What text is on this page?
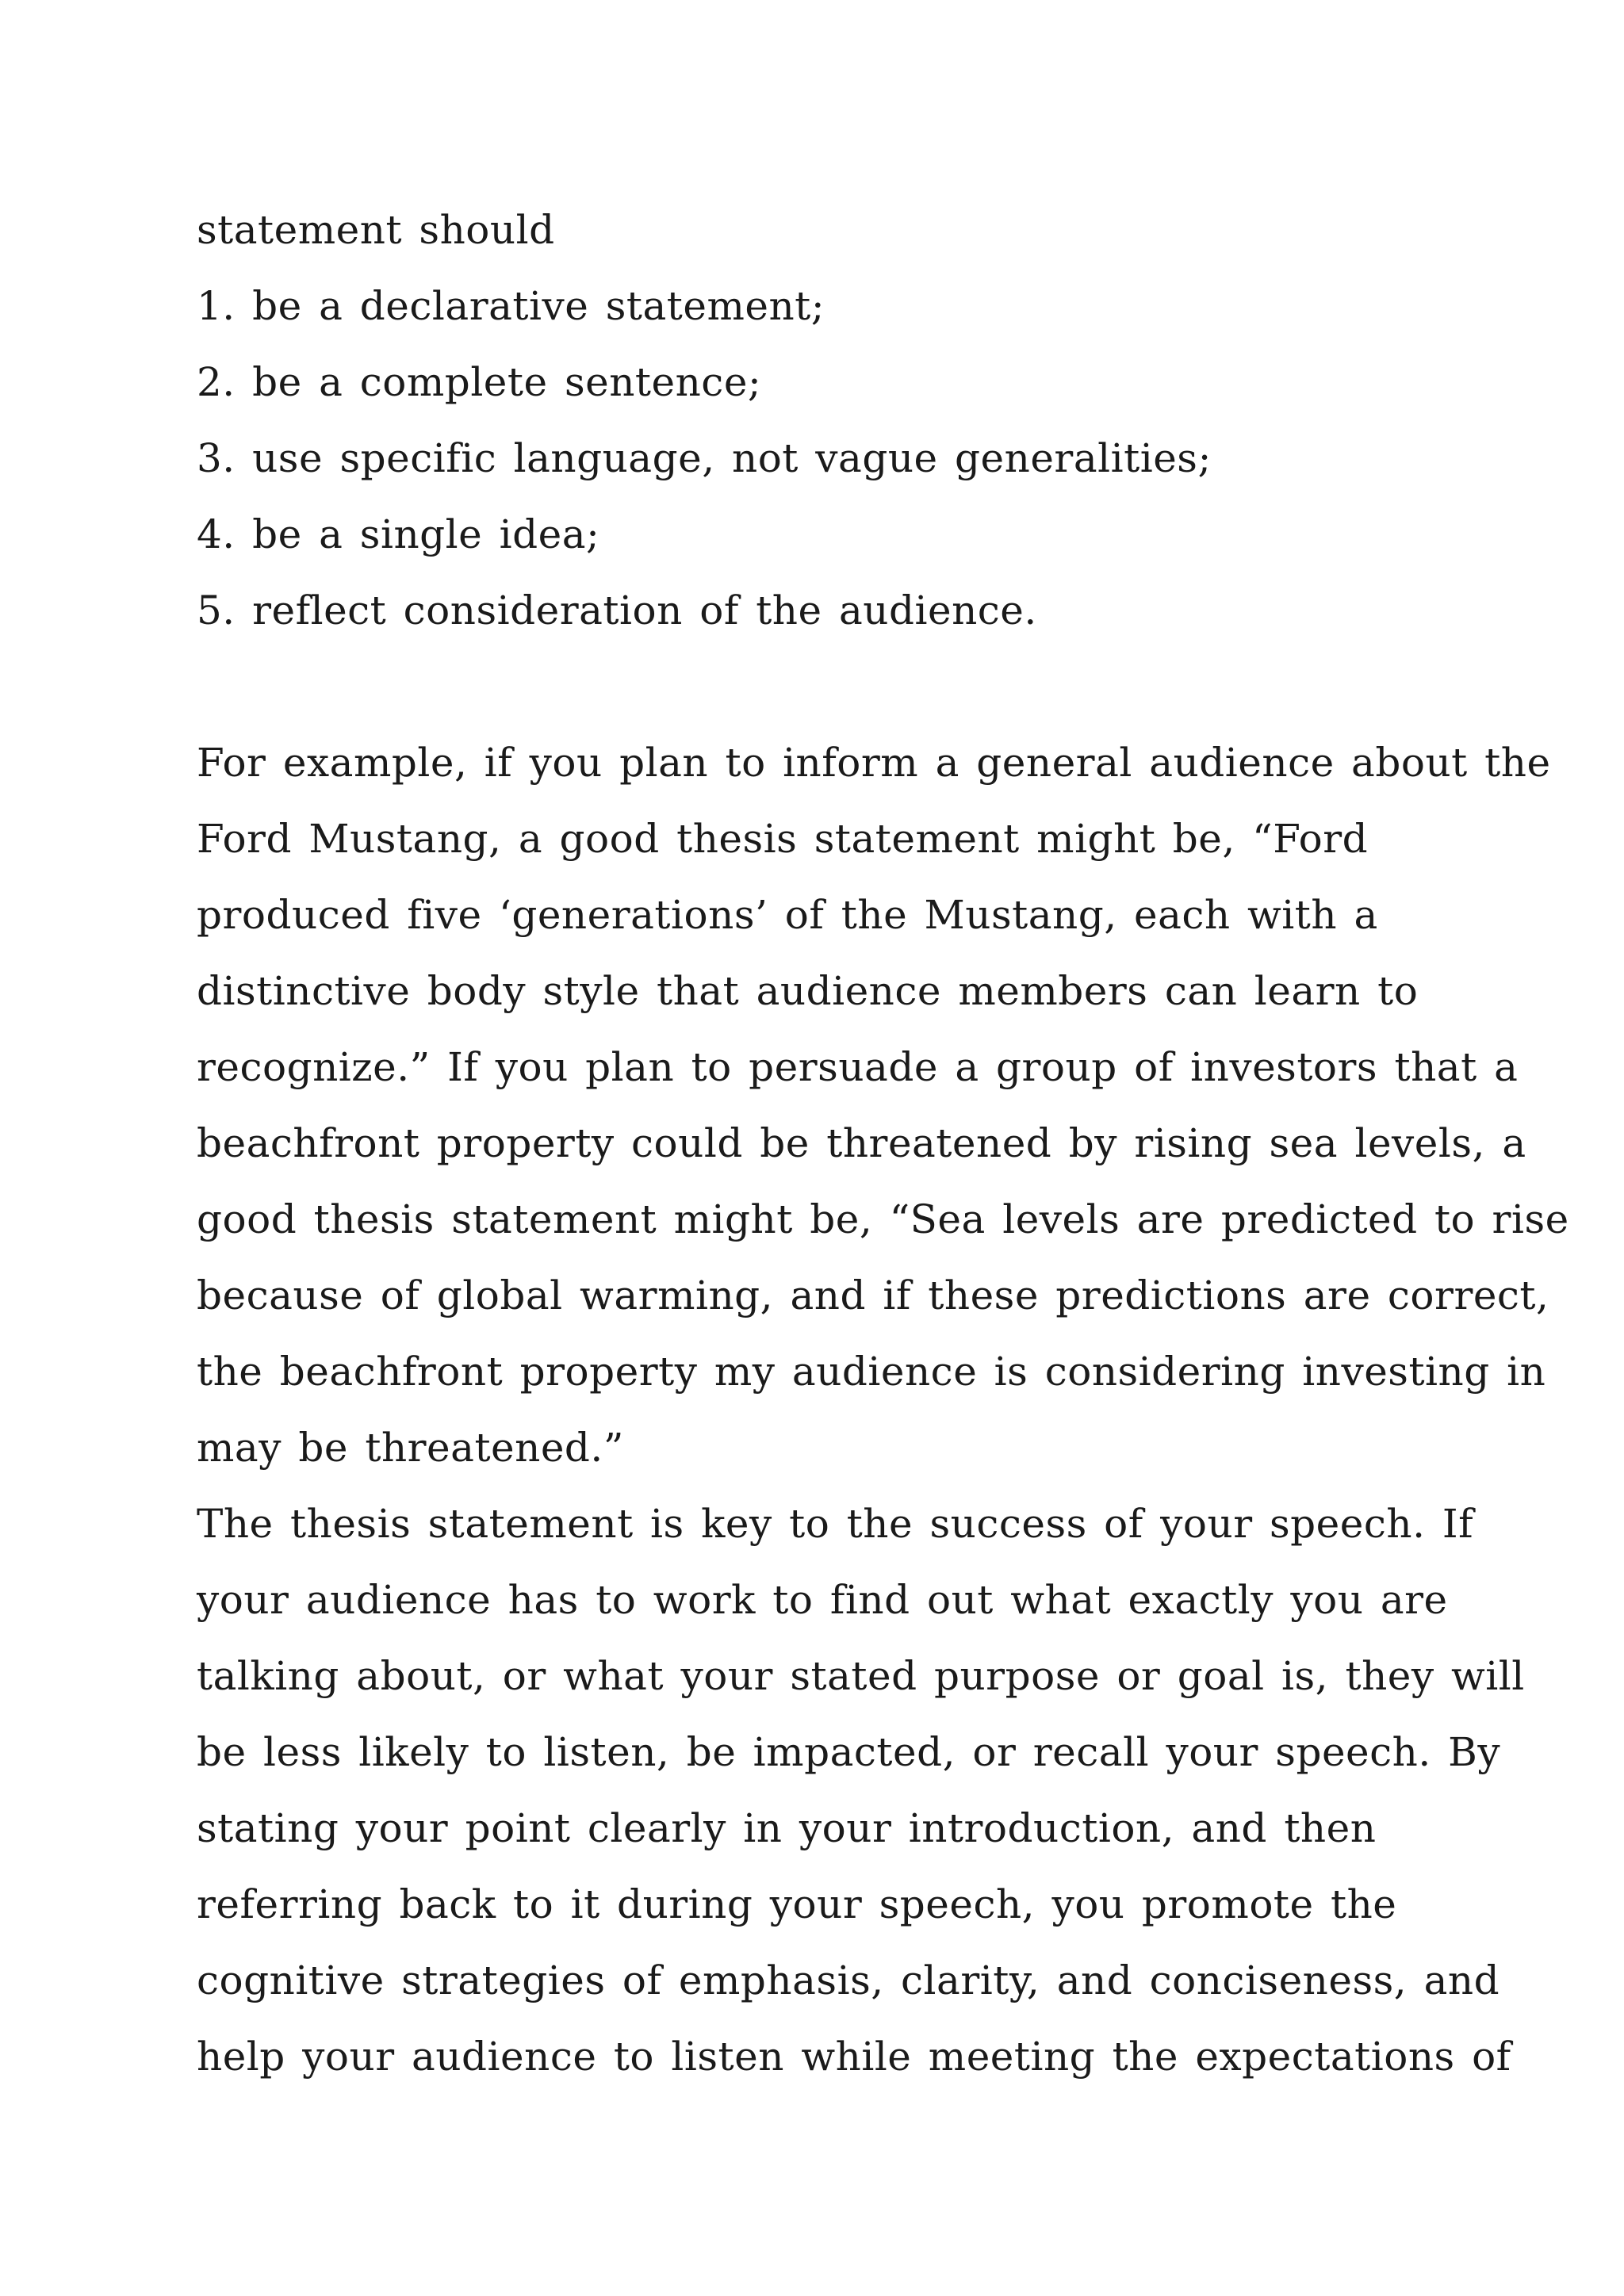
statement should
1. be a declarative statement;
2. be a complete sentence;
3. use specific language, not vague generalities;
4. be a single idea;
5. reflect consideration of the audience.
For example, if you plan to inform a general audience about the
Ford Mustang, a good thesis statement might be, “Ford
produced five ‘generations’ of the Mustang, each with a
distinctive body style that audience members can learn to
recognize.” If you plan to persuade a group of investors that a
beachfront property could be threatened by rising sea levels, a
good thesis statement might be, “Sea levels are predicted to rise
because of global warming, and if these predictions are correct,
the beachfront property my audience is considering investing in
may be threatened.”
The thesis statement is key to the success of your speech. If
your audience has to work to find out what exactly you are
talking about, or what your stated purpose or goal is, they will
be less likely to listen, be impacted, or recall your speech. By
stating your point clearly in your introduction, and then
referring back to it during your speech, you promote the
cognitive strategies of emphasis, clarity, and conciseness, and
help your audience to listen while meeting the expectations of
